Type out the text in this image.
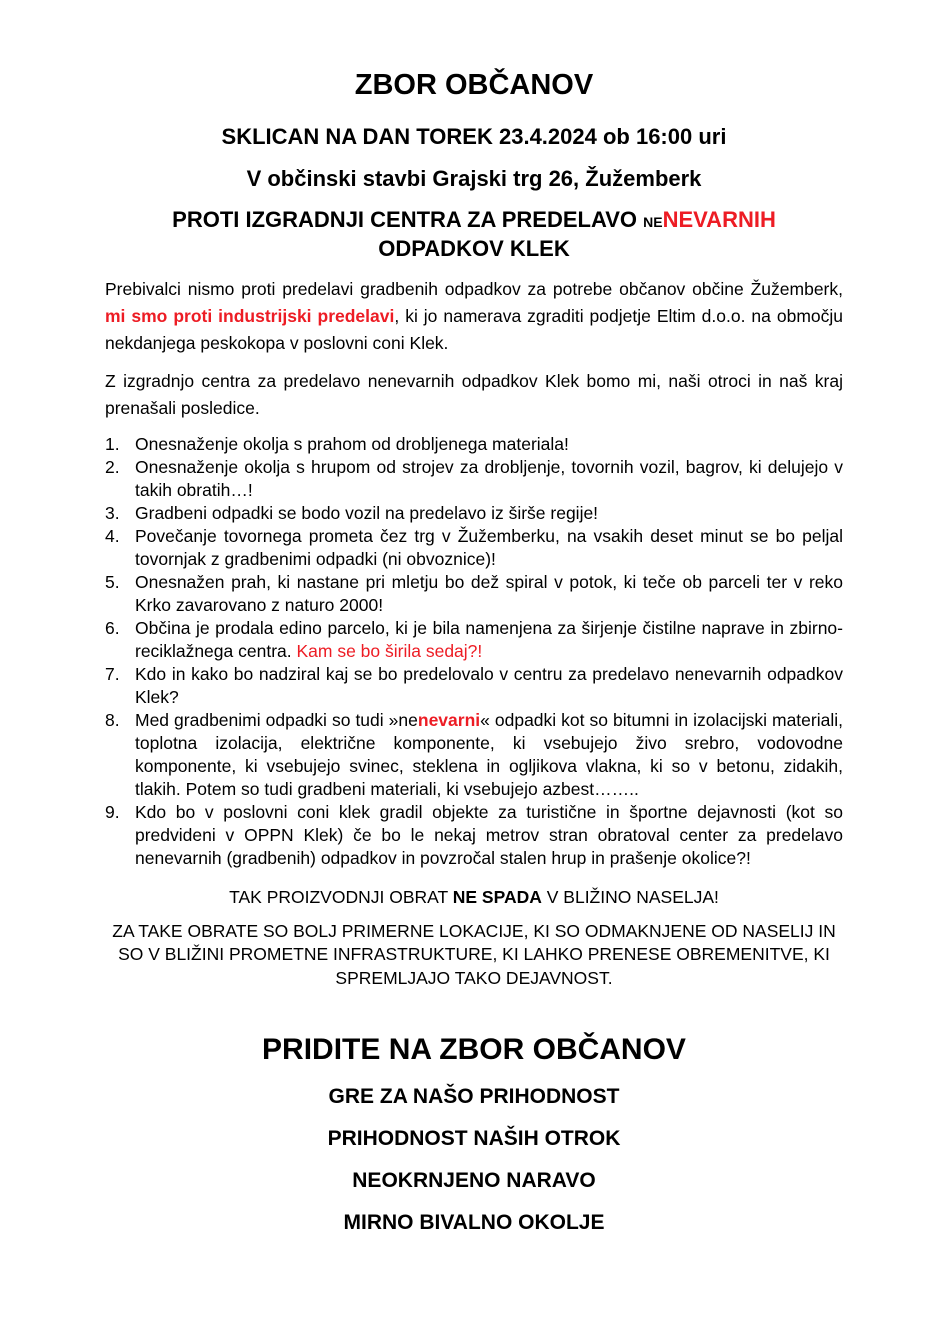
ZBOR OBČANOV
SKLICAN NA DAN TOREK 23.4.2024 ob 16:00 uri
V občinski stavbi Grajski trg 26, Žužemberk
PROTI IZGRADNJI CENTRA ZA PREDELAVO NENEVARNIH
ODPADKOV KLEK

Prebivalci nismo proti predelavi gradbenih odpadkov za potrebe občanov občine Žužemberk, mi smo proti industrijski predelavi, ki jo namerava zgraditi podjetje Eltim d.o.o. na območju nekdanjega peskokopa v poslovni coni Klek.

Z izgradnjo centra za predelavo nenevarnih odpadkov Klek bomo mi, naši otroci in naš kraj prenašali posledice.

1. Onesnaženje okolja s prahom od drobljenega materiala!
2. Onesnaženje okolja s hrupom od strojev za drobljenje, tovornih vozil, bagrov, ki delujejo v takih obratih…!
3. Gradbeni odpadki se bodo vozil na predelavo iz širše regije!
4. Povečanje tovornega prometa čez trg v Žužemberku, na vsakih deset minut se bo peljal tovornjak z gradbenimi odpadki (ni obvoznice)!
5. Onesnažen prah, ki nastane pri mletju bo dež spiral v potok, ki teče ob parceli ter v reko Krko zavarovano z naturo 2000!
6. Občina je prodala edino parcelo, ki je bila namenjena za širjenje čistilne naprave in zbirno-reciklažnega centra. Kam se bo širila sedaj?!
7. Kdo in kako bo nadziral kaj se bo predelovalo v centru za predelavo nenevarnih odpadkov Klek?
8. Med gradbenimi odpadki so tudi »nenevarni« odpadki kot so bitumni in izolacijski materiali, toplotna izolacija, električne komponente, ki vsebujejo živo srebro, vodovodne komponente, ki vsebujejo svinec, steklena in ogljikova vlakna, ki so v betonu, zidakih, tlakih. Potem so tudi gradbeni materiali, ki vsebujejo azbest……..
9. Kdo bo v poslovni coni klek gradil objekte za turistične in športne dejavnosti (kot so predvideni v OPPN Klek) če bo le nekaj metrov stran obratoval center za predelavo nenevarnih (gradbenih) odpadkov in povzročal stalen hrup in prašenje okolice?!
TAK PROIZVODNJI OBRAT NE SPADA V BLIŽINO NASELJA!
ZA TAKE OBRATE SO BOLJ PRIMERNE LOKACIJE, KI SO ODMAKNJENE OD NASELIJ IN SO V BLIŽINI PROMETNE INFRASTRUKTURE, KI LAHKO PRENESE OBREMENITVE, KI SPREMLJAJO TAKO DEJAVNOST.
PRIDITE NA ZBOR OBČANOV
GRE ZA NAŠO PRIHODNOST
PRIHODNOST NAŠIH OTROK
NEOKRNJENO NARAVO
MIRNO BIVALNO OKOLJE
